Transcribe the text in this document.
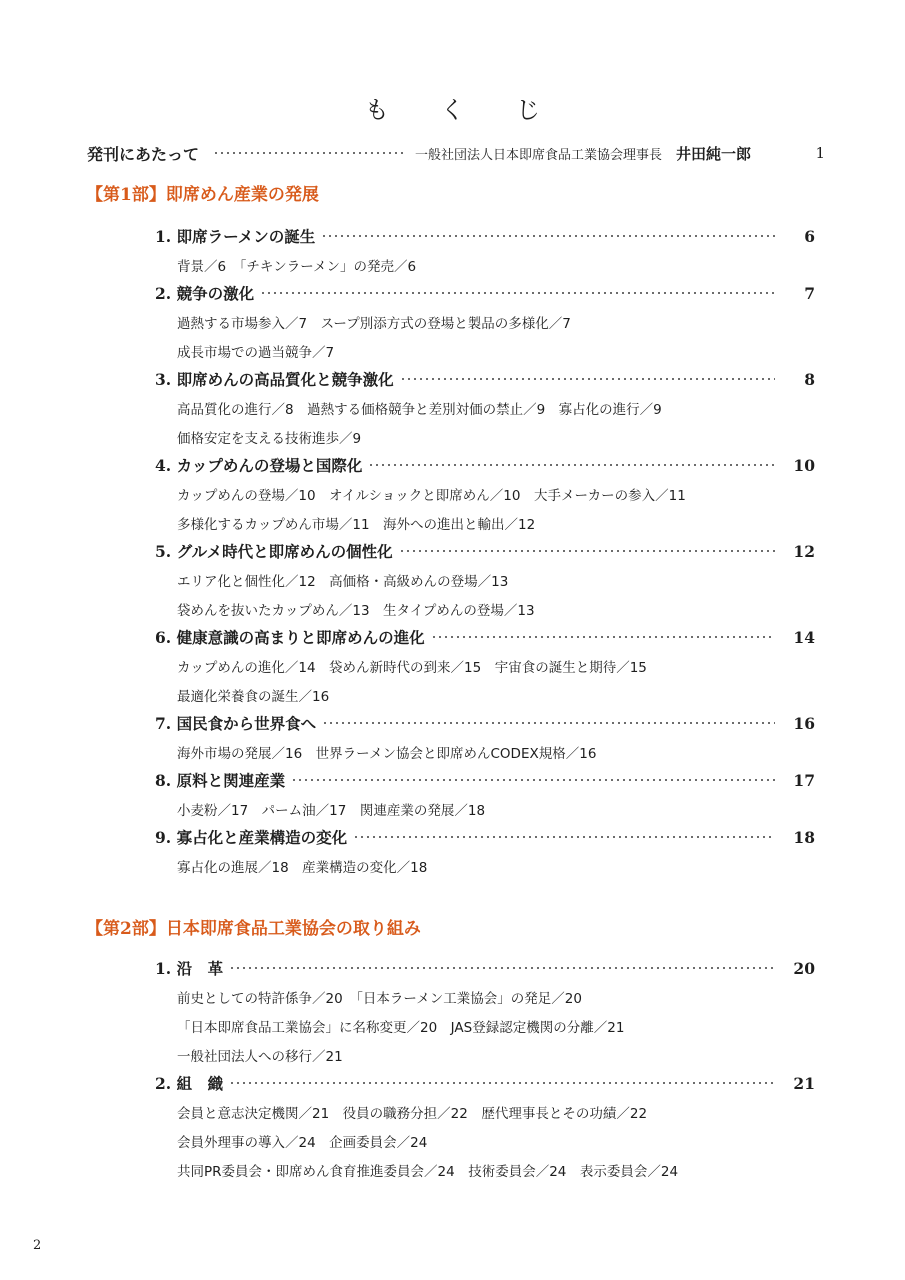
も く じ
発刊にあたって	一般社団法人日本即席食品工業協会理事長 井田純一郎	1
【第1部】即席めん産業の発展
1. 即席ラーメンの誕生	6
背景／6　「チキンラーメン」の発売／6
2. 競争の激化	7
過熱する市場参入／7　スープ別添方式の登場と製品の多様化／7
成長市場での過当競争／7
3. 即席めんの高品質化と競争激化	8
高品質化の進行／8　過熱する価格競争と差別対価の禁止／9　寡占化の進行／9
価格安定を支える技術進歩／9
4. カップめんの登場と国際化	10
カップめんの登場／10　オイルショックと即席めん／10　大手メーカーの参入／11
多様化するカップめん市場／11　海外への進出と輸出／12
5. グルメ時代と即席めんの個性化	12
エリア化と個性化／12　高価格・高級めんの登場／13
袋めんを抜いたカップめん／13　生タイプめんの登場／13
6. 健康意識の高まりと即席めんの進化	14
カップめんの進化／14　袋めん新時代の到来／15　宇宙食の誕生と期待／15
最適化栄養食の誕生／16
7. 国民食から世界食へ	16
海外市場の発展／16　世界ラーメン協会と即席めんCODEX規格／16
8. 原料と関連産業	17
小麦粉／17　パーム油／17　関連産業の発展／18
9. 寡占化と産業構造の変化	18
寡占化の進展／18　産業構造の変化／18
【第2部】日本即席食品工業協会の取り組み
1. 沿　革	20
前史としての特許係争／20　「日本ラーメン工業協会」の発足／20
「日本即席食品工業協会」に名称変更／20　JAS登録認定機関の分離／21
一般社団法人への移行／21
2. 組　織	21
会員と意志決定機関／21　役員の職務分担／22　歴代理事長とその功績／22
会員外理事の導入／24　企画委員会／24
共同PR委員会・即席めん食育推進委員会／24　技術委員会／24　表示委員会／24
2
